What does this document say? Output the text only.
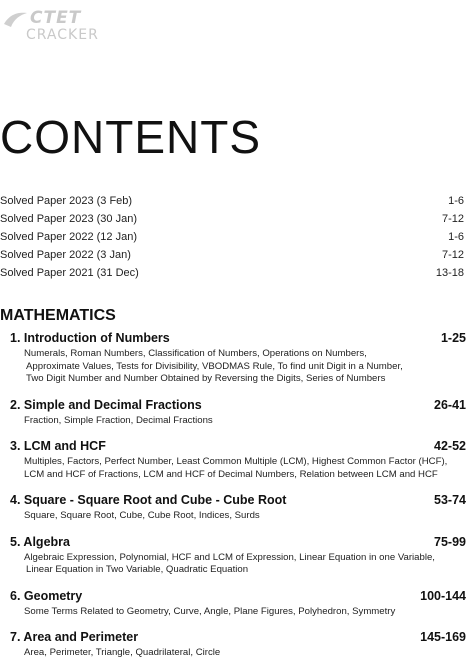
CTET
CRACKER
CONTENTS
Solved Paper 2023 (3 Feb)	1-6
Solved Paper 2023 (30 Jan)	7-12
Solved Paper 2022 (12 Jan)	1-6
Solved Paper 2022 (3 Jan)	7-12
Solved Paper 2021 (31 Dec)	13-18
MATHEMATICS
1. Introduction of Numbers	1-25
Numerals, Roman Numbers, Classification of Numbers, Operations on Numbers,
Approximate Values, Tests for Divisibility, VBODMAS Rule, To find unit Digit in a Number,
Two Digit Number and Number Obtained by Reversing the Digits, Series of Numbers
2. Simple and Decimal Fractions	26-41
Fraction, Simple Fraction, Decimal Fractions
3. LCM and HCF	42-52
Multiples, Factors, Perfect Number, Least Common Multiple (LCM), Highest Common Factor (HCF),
LCM and HCF of Fractions, LCM and HCF of Decimal Numbers, Relation between LCM and HCF
4. Square - Square Root and Cube - Cube Root	53-74
Square, Square Root, Cube, Cube Root, Indices, Surds
5. Algebra	75-99
Algebraic Expression, Polynomial, HCF and LCM of Expression, Linear Equation in one Variable,
Linear Equation in Two Variable, Quadratic Equation
6. Geometry	100-144
Some Terms Related to Geometry, Curve, Angle, Plane Figures, Polyhedron, Symmetry
7. Area and Perimeter	145-169
Area, Perimeter, Triangle, Quadrilateral, Circle
